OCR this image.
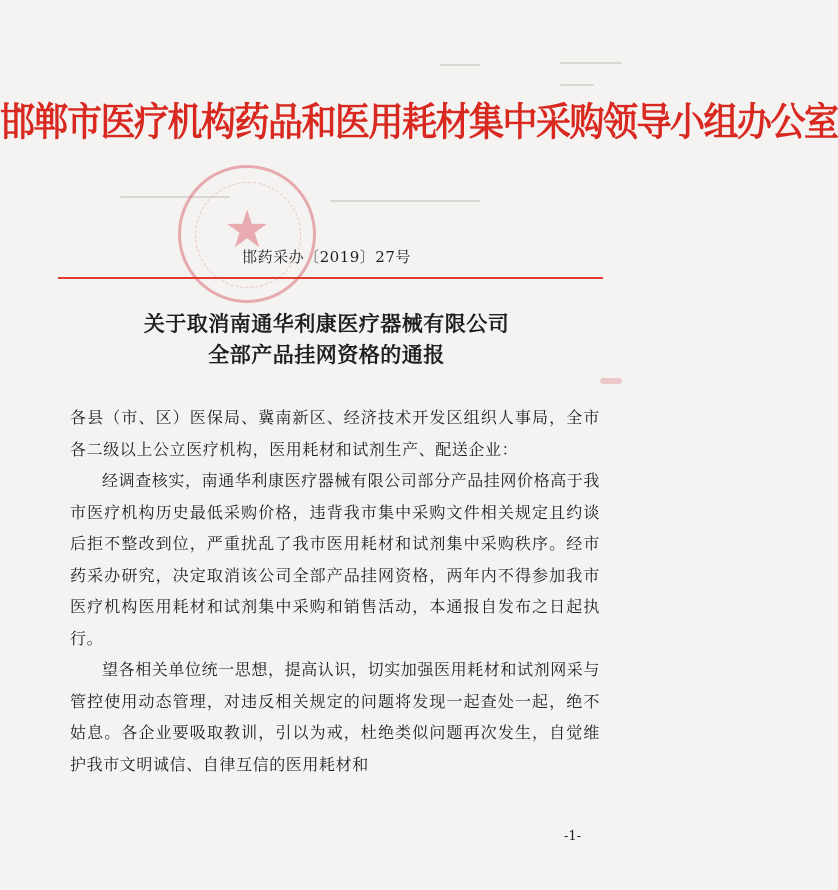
邯郸市医疗机构药品和医用耗材集中采购领导小组办公室
★
邯药采办〔2019〕27号
关于取消南通华利康医疗器械有限公司
全部产品挂网资格的通报

各县（市、区）医保局、冀南新区、经济技术开发区组织人事局，全市各二级以上公立医疗机构，医用耗材和试剂生产、配送企业：

经调查核实，南通华利康医疗器械有限公司部分产品挂网价格高于我市医疗机构历史最低采购价格，违背我市集中采购文件相关规定且约谈后拒不整改到位，严重扰乱了我市医用耗材和试剂集中采购秩序。经市药采办研究，决定取消该公司全部产品挂网资格，两年内不得参加我市医疗机构医用耗材和试剂集中采购和销售活动，本通报自发布之日起执行。

望各相关单位统一思想，提高认识，切实加强医用耗材和试剂网采与管控使用动态管理，对违反相关规定的问题将发现一起查处一起，绝不姑息。各企业要吸取教训，引以为戒，杜绝类似问题再次发生，自觉维护我市文明诚信、自律互信的医用耗材和

-1-
